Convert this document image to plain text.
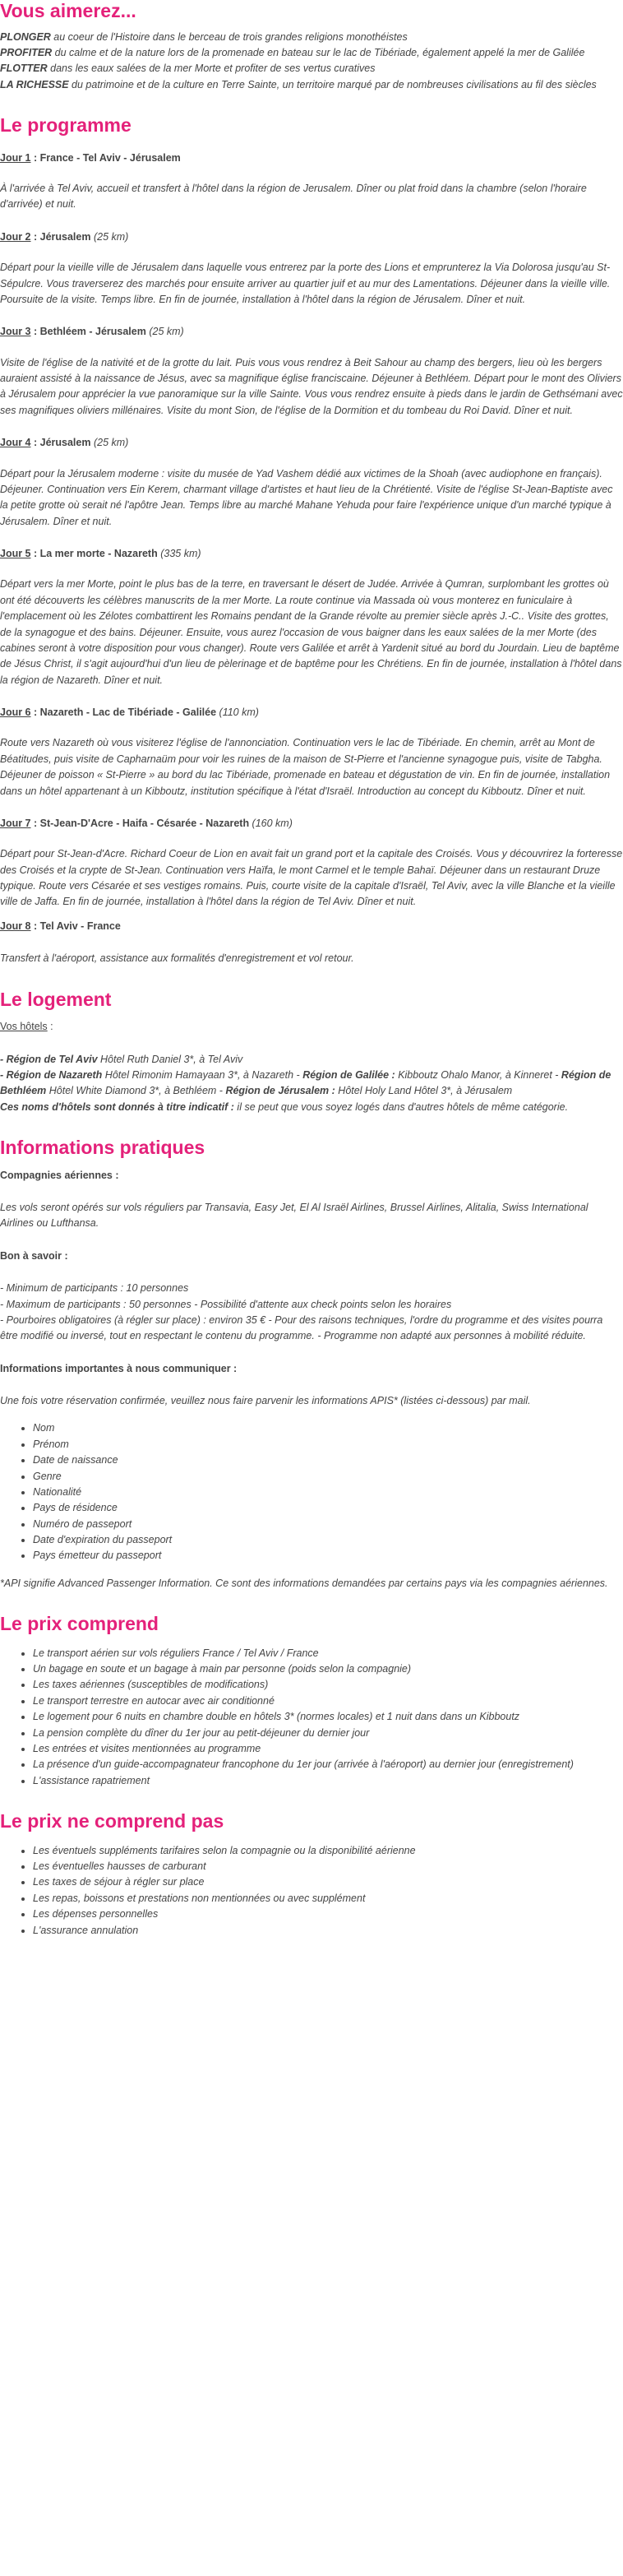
Vous aimerez...

PLONGER au coeur de l'Histoire dans le berceau de trois grandes religions monothéistes

PROFITER du calme et de la nature lors de la promenade en bateau sur le lac de Tibériade, également appelé la mer de Galilée

FLOTTER dans les eaux salées de la mer Morte et profiter de ses vertus curatives

LA RICHESSE du patrimoine et de la culture en Terre Sainte, un territoire marqué par de nombreuses civilisations au fil des siècles

Le programme

Jour 1 : France - Tel Aviv - Jérusalem

À l'arrivée à Tel Aviv, accueil et transfert à l'hôtel dans la région de Jerusalem. Dîner ou plat froid dans la chambre (selon l'horaire d'arrivée) et nuit.

Jour 2 : Jérusalem (25 km)

Départ pour la vieille ville de Jérusalem dans laquelle vous entrerez par la porte des Lions et emprunterez la Via Dolorosa jusqu'au St-Sépulcre. Vous traverserez des marchés pour ensuite arriver au quartier juif et au mur des Lamentations. Déjeuner dans la vieille ville. Poursuite de la visite. Temps libre. En fin de journée, installation à l'hôtel dans la région de Jérusalem. Dîner et nuit.

Jour 3 : Bethléem - Jérusalem (25 km)

Visite de l'église de la nativité et de la grotte du lait. Puis vous vous rendrez à Beit Sahour au champ des bergers, lieu où les bergers auraient assisté à la naissance de Jésus, avec sa magnifique église franciscaine. Déjeuner à Bethléem. Départ pour le mont des Oliviers à Jérusalem pour apprécier la vue panoramique sur la ville Sainte. Vous vous rendrez ensuite à pieds dans le jardin de Gethsémani avec ses magnifiques oliviers millénaires. Visite du mont Sion, de l'église de la Dormition et du tombeau du Roi David. Dîner et nuit.

Jour 4 : Jérusalem (25 km)

Départ pour la Jérusalem moderne : visite du musée de Yad Vashem dédié aux victimes de la Shoah (avec audiophone en français). Déjeuner. Continuation vers Ein Kerem, charmant village d'artistes et haut lieu de la Chrétienté. Visite de l'église St-Jean-Baptiste avec la petite grotte où serait né l'apôtre Jean. Temps libre au marché Mahane Yehuda pour faire l'expérience unique d'un marché typique à Jérusalem. Dîner et nuit.

Jour 5 : La mer morte - Nazareth (335 km)

Départ vers la mer Morte, point le plus bas de la terre, en traversant le désert de Judée. Arrivée à Qumran, surplombant les grottes où ont été découverts les célèbres manuscrits de la mer Morte. La route continue via Massada où vous monterez en funiculaire à l'emplacement où les Zélotes combattirent les Romains pendant de la Grande révolte au premier siècle après J.-C.. Visite des grottes, de la synagogue et des bains. Déjeuner. Ensuite, vous aurez l'occasion de vous baigner dans les eaux salées de la mer Morte (des cabines seront à votre disposition pour vous changer). Route vers Galilée et arrêt à Yardenit situé au bord du Jourdain. Lieu de baptême de Jésus Christ, il s'agit aujourd'hui d'un lieu de pèlerinage et de baptême pour les Chrétiens. En fin de journée, installation à l'hôtel dans la région de Nazareth. Dîner et nuit.

Jour 6 : Nazareth - Lac de Tibériade - Galilée (110 km)

Route vers Nazareth où vous visiterez l'église de l'annonciation. Continuation vers le lac de Tibériade. En chemin, arrêt au Mont de Béatitudes, puis visite de Capharnaüm pour voir les ruines de la maison de St-Pierre et l'ancienne synagogue puis, visite de Tabgha. Déjeuner de poisson « St-Pierre » au bord du lac Tibériade, promenade en bateau et dégustation de vin. En fin de journée, installation dans un hôtel appartenant à un Kibboutz, institution spécifique à l'état d'Israël. Introduction au concept du Kibboutz. Dîner et nuit.

Jour 7 : St-Jean-D'Acre - Haifa - Césarée - Nazareth (160 km)

Départ pour St-Jean-d'Acre. Richard Coeur de Lion en avait fait un grand port et la capitale des Croisés. Vous y découvrirez la forteresse des Croisés et la crypte de St-Jean. Continuation vers Haïfa, le mont Carmel et le temple Bahaï. Déjeuner dans un restaurant Druze typique. Route vers Césarée et ses vestiges romains. Puis, courte visite de la capitale d'Israël, Tel Aviv, avec la ville Blanche et la vieille ville de Jaffa. En fin de journée, installation à l'hôtel dans la région de Tel Aviv. Dîner et nuit.

Jour 8 : Tel Aviv - France

Transfert à l'aéroport, assistance aux formalités d'enregistrement et vol retour.

Le logement

Vos hôtels :

- Région de Tel Aviv Hôtel Ruth Daniel 3*, à Tel Aviv

- Région de Nazareth Hôtel Rimonim Hamayaan 3*, à Nazareth - Région de Galilée : Kibboutz Ohalo Manor, à Kinneret - Région de Bethléem Hôtel White Diamond 3*, à Bethléem - Région de Jérusalem : Hôtel Holy Land Hôtel 3*, à Jérusalem

Ces noms d'hôtels sont donnés à titre indicatif : il se peut que vous soyez logés dans d'autres hôtels de même catégorie.

Informations pratiques

Compagnies aériennes :

Les vols seront opérés sur vols réguliers par Transavia, Easy Jet, El Al Israël Airlines, Brussel Airlines, Alitalia, Swiss International Airlines ou Lufthansa.

Bon à savoir :

- Minimum de participants : 10 personnes

- Maximum de participants : 50 personnes - Possibilité d'attente aux check points selon les horaires

- Pourboires obligatoires (à régler sur place) : environ 35 € - Pour des raisons techniques, l'ordre du programme et des visites pourra être modifié ou inversé, tout en respectant le contenu du programme. - Programme non adapté aux personnes à mobilité réduite.

Informations importantes à nous communiquer :

Une fois votre réservation confirmée, veuillez nous faire parvenir les informations APIS* (listées ci-dessous) par mail.

• Nom
• Prénom
• Date de naissance
• Genre
• Nationalité
• Pays de résidence
• Numéro de passeport
• Date d'expiration du passeport
• Pays émetteur du passeport

*API signifie Advanced Passenger Information. Ce sont des informations demandées par certains pays via les compagnies aériennes.

Le prix comprend
• Le transport aérien sur vols réguliers France / Tel Aviv / France
• Un bagage en soute et un bagage à main par personne (poids selon la compagnie)
• Les taxes aériennes (susceptibles de modifications)
• Le transport terrestre en autocar avec air conditionné
• Le logement pour 6 nuits en chambre double en hôtels 3* (normes locales) et 1 nuit dans dans un Kibboutz
• La pension complète du dîner du 1er jour au petit-déjeuner du dernier jour
• Les entrées et visites mentionnées au programme
• La présence d'un guide-accompagnateur francophone du 1er jour (arrivée à l'aéroport) au dernier jour (enregistrement)
• L'assistance rapatriement
Le prix ne comprend pas
• Les éventuels suppléments tarifaires selon la compagnie ou la disponibilité aérienne
• Les éventuelles hausses de carburant
• Les taxes de séjour à régler sur place
• Les repas, boissons et prestations non mentionnées ou avec supplément
• Les dépenses personnelles
• L'assurance annulation
